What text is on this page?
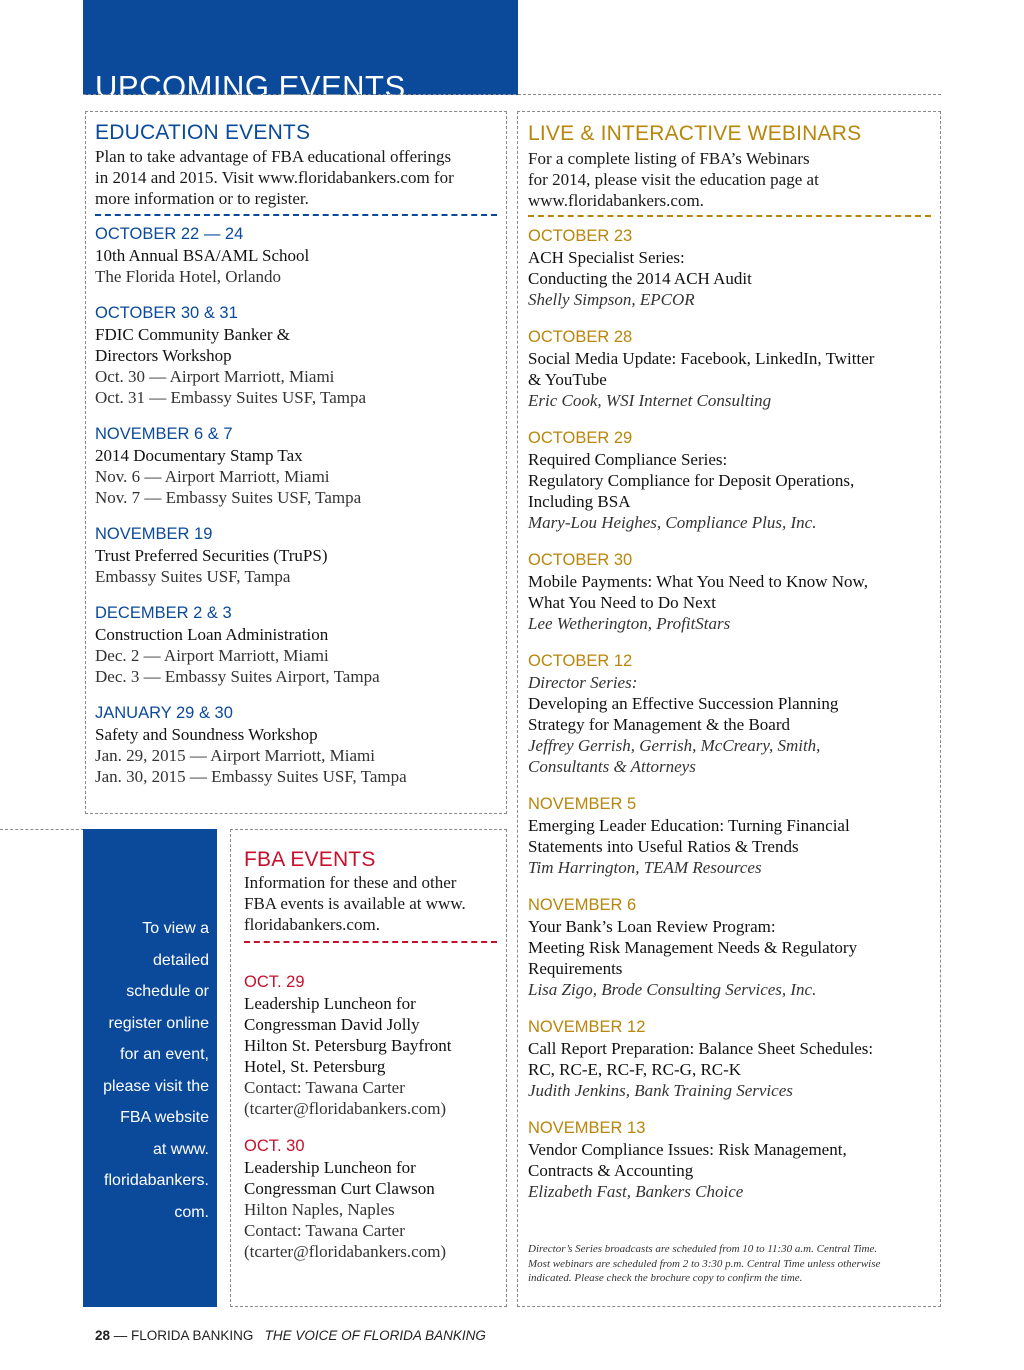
UPCOMING EVENTS
EDUCATION EVENTS
Plan to take advantage of FBA educational offerings
in 2014 and 2015. Visit www.floridabankers.com for
more information or to register.
OCTOBER 22 — 24
10th Annual BSA/AML School
The Florida Hotel, Orlando
OCTOBER 30 & 31
FDIC Community Banker &
Directors Workshop
Oct. 30 — Airport Marriott, Miami
Oct. 31 — Embassy Suites USF, Tampa
NOVEMBER 6 & 7
2014 Documentary Stamp Tax
Nov. 6 — Airport Marriott, Miami
Nov. 7 — Embassy Suites USF, Tampa
NOVEMBER 19
Trust Preferred Securities (TruPS)
Embassy Suites USF, Tampa
DECEMBER 2 & 3
Construction Loan Administration
Dec. 2 — Airport Marriott, Miami
Dec. 3 — Embassy Suites Airport, Tampa
JANUARY 29 & 30
Safety and Soundness Workshop
Jan. 29, 2015 — Airport Marriott, Miami
Jan. 30, 2015 — Embassy Suites USF, Tampa
LIVE & INTERACTIVE WEBINARS
For a complete listing of FBA’s Webinars
for 2014, please visit the education page at
www.floridabankers.com.
OCTOBER 23
ACH Specialist Series:
Conducting the 2014 ACH Audit
Shelly Simpson, EPCOR
OCTOBER 28
Social Media Update: Facebook, LinkedIn, Twitter
& YouTube
Eric Cook, WSI Internet Consulting
OCTOBER 29
Required Compliance Series:
Regulatory Compliance for Deposit Operations,
Including BSA
Mary-Lou Heighes, Compliance Plus, Inc.
OCTOBER 30
Mobile Payments: What You Need to Know Now,
What You Need to Do Next
Lee Wetherington, ProfitStars
OCTOBER 12
Director Series:
Developing an Effective Succession Planning
Strategy for Management & the Board
Jeffrey Gerrish, Gerrish, McCreary, Smith,
Consultants & Attorneys
NOVEMBER 5
Emerging Leader Education: Turning Financial
Statements into Useful Ratios & Trends
Tim Harrington, TEAM Resources
NOVEMBER 6
Your Bank’s Loan Review Program:
Meeting Risk Management Needs & Regulatory
Requirements
Lisa Zigo, Brode Consulting Services, Inc.
NOVEMBER 12
Call Report Preparation: Balance Sheet Schedules:
RC, RC-E, RC-F, RC-G, RC-K
Judith Jenkins, Bank Training Services
NOVEMBER 13
Vendor Compliance Issues: Risk Management,
Contracts & Accounting
Elizabeth Fast, Bankers Choice
Director’s Series broadcasts are scheduled from 10 to 11:30 a.m. Central Time.
Most webinars are scheduled from 2 to 3:30 p.m. Central Time unless otherwise
indicated. Please check the brochure copy to confirm the time.
To view a
detailed
schedule or
register online
for an event,
please visit the
FBA website
at www.
floridabankers.
com.
FBA EVENTS
Information for these and other
FBA events is available at www.
floridabankers.com.
OCT. 29
Leadership Luncheon for
Congressman David Jolly
Hilton St. Petersburg Bayfront
Hotel, St. Petersburg
Contact: Tawana Carter
(tcarter@floridabankers.com)
OCT. 30
Leadership Luncheon for
Congressman Curt Clawson
Hilton Naples, Naples
Contact: Tawana Carter
(tcarter@floridabankers.com)
28 — FLORIDA BANKING THE VOICE OF FLORIDA BANKING
